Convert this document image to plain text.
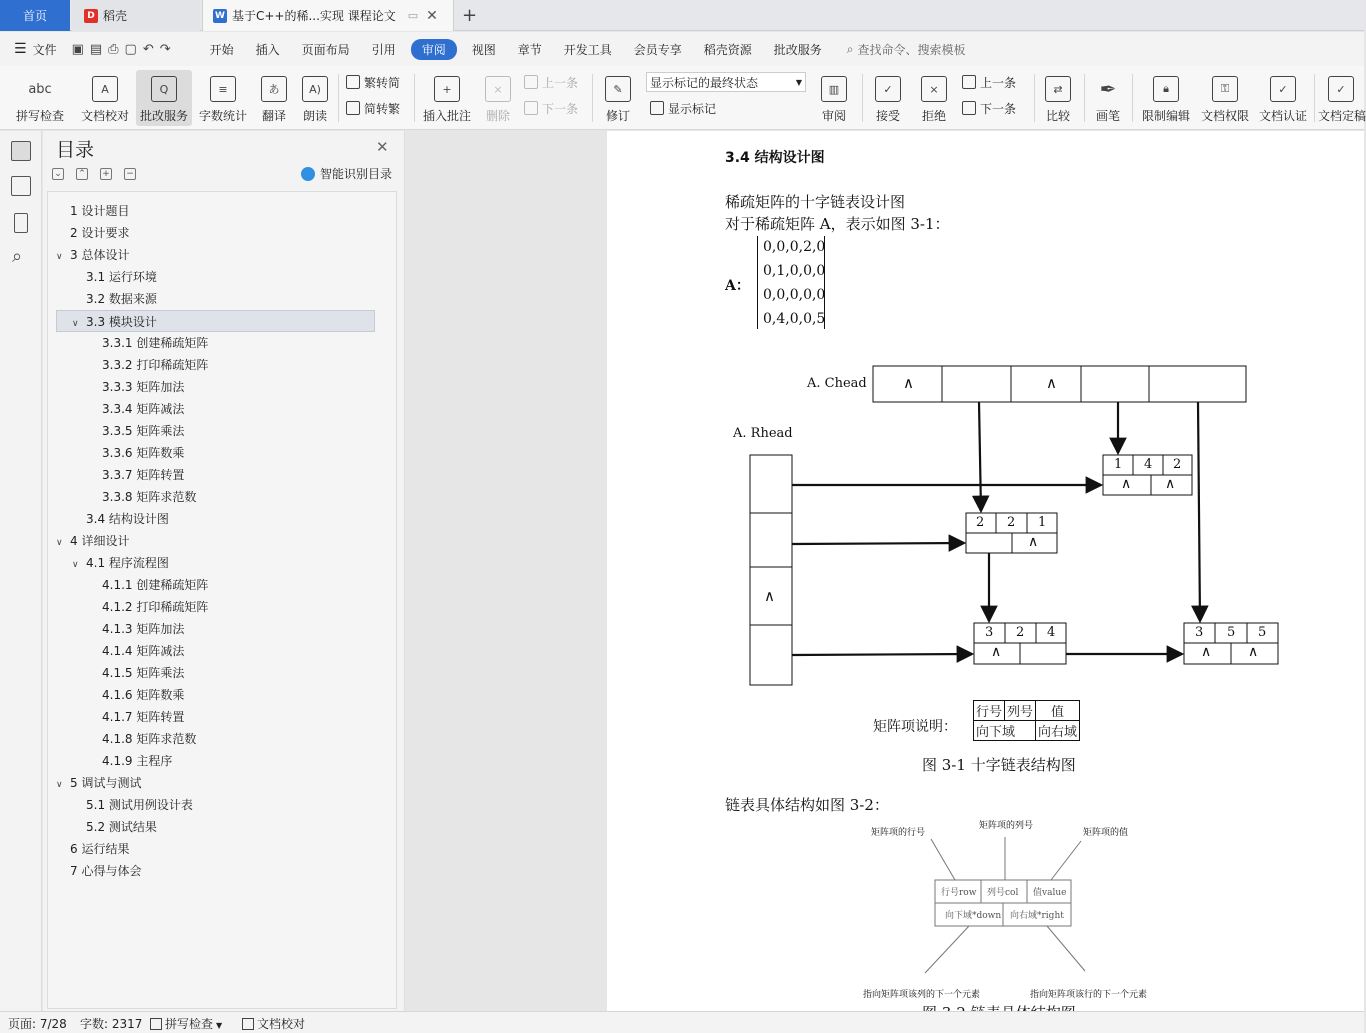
首页	D 稻壳	W 基于C++的稀...实现 课程论文 ▭ ✕ +
☰ 文件	▣▤⎙▢↶↷	开始	插入	页面布局	引用	审阅	视图	章节	开发工具	会员专享	稻壳资源	批改服务	⌕ 查找命令、搜索模板
abc
拼写检查
A
文档校对
Q
批改服务
≡
字数统计
あ
翻译
A)
朗读
繁转简
简转繁
+
插入批注
×
删除
上一条
下一条
✎
修订
显示标记的最终状态	▼
显示标记
▥
审阅
✓
接受
×
拒绝
上一条
下一条
⇄
比较
✒
画笔
🔒︎
限制编辑
⚿
文档权限
✓
文档认证
✓
文档定稿
⌕
目录	✕
⌄ ⌃ + −	智能识别目录
1 设计题目
2 设计要求
∨ 3 总体设计
3.1 运行环境
3.2 数据来源
∨ 3.3 模块设计
3.3.1 创建稀疏矩阵
3.3.2 打印稀疏矩阵
3.3.3 矩阵加法
3.3.4 矩阵减法
3.3.5 矩阵乘法
3.3.6 矩阵数乘
3.3.7 矩阵转置
3.3.8 矩阵求范数
3.4 结构设计图
∨ 4 详细设计
∨ 4.1 程序流程图
4.1.1 创建稀疏矩阵
4.1.2 打印稀疏矩阵
4.1.3 矩阵加法
4.1.4 矩阵减法
4.1.5 矩阵乘法
4.1.6 矩阵数乘
4.1.7 矩阵转置
4.1.8 矩阵求范数
4.1.9 主程序
∨ 5 调试与测试
5.1 测试用例设计表
5.2 测试结果
6 运行结果
7 心得与体会
3.4 结构设计图
稀疏矩阵的十字链表设计图
对于稀疏矩阵 A，表示如图 3-1：
A：
0,0,0,2,0
0,1,0,0,0
0,0,0,0,0
0,4,0,0,5
A. Chead
A. Rhead
∧	∧
∧
1 4 2
∧ ∧
2 2 1
∧
3 2 4
∧
3 5 5
∧	∧
矩阵项说明：
行号	列号	值
向下域		向右域
图 3-1 十字链表结构图
链表具体结构如图 3-2：
矩阵项的行号
矩阵项的列号
矩阵项的值
行号row 列号col 值value
向下域*down 向右域*right
指向矩阵项该列的下一个元素	指向矩阵项该行的下一个元素
页面: 7/28 字数: 2317	拼写检查 ▼	文档校对
